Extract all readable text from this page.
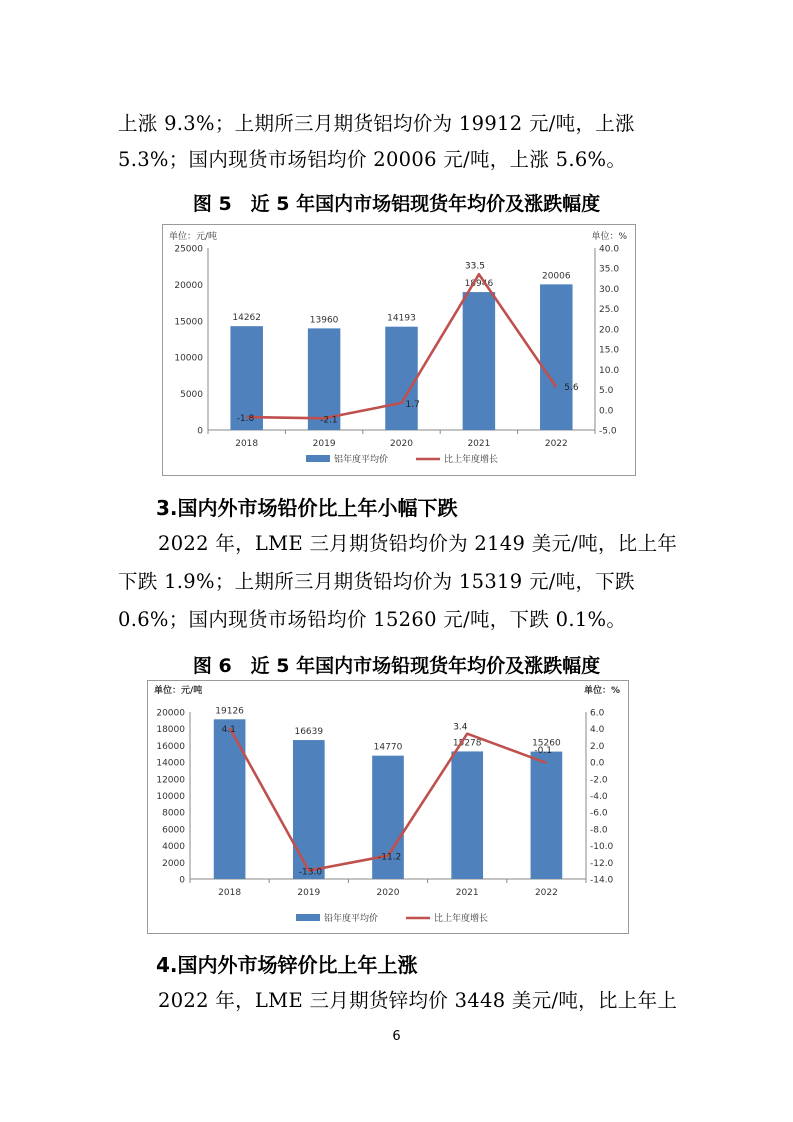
上涨 9.3%；上期所三月期货铝均价为 19912 元/吨，上涨
5.3%；国内现货市场铝均价 20006 元/吨，上涨 5.6%。
图 5　近 5 年国内市场铝现货年均价及涨跌幅度
单位：元/吨	单位：%
0
5000
10000
15000
20000
25000
-5.0
0.0
5.0
10.0
15.0
20.0
25.0
30.0
35.0
40.0
14262
2018
13960
2019
14193
2020
18946
2021
20006
2022
-1.8	-2.1
1.7
33.5
5.6
铝年度平均价	比上年度增长
3.国内外市场铅价比上年小幅下跌
2022 年，LME 三月期货铅均价为 2149 美元/吨，比上年
下跌 1.9%；上期所三月期货铅均价为 15319 元/吨，下跌
0.6%；国内现货市场铅均价 15260 元/吨，下跌 0.1%。
图 6　近 5 年国内市场铅现货年均价及涨跌幅度
单位：元/吨	单位：%
0
2000
4000
6000
8000
10000
12000
14000
16000
18000
20000
-14.0
-12.0
-10.0
-8.0
-6.0
-4.0
-2.0
0.0
2.0
4.0
6.0
19126
2018
16639
2019
14770
2020
15278
2021
15260
2022
4.1
-13.0
-11.2
3.4
-0.1
铅年度平均价	比上年度增长
4.国内外市场锌价比上年上涨
2022 年，LME 三月期货锌均价 3448 美元/吨，比上年上
6
